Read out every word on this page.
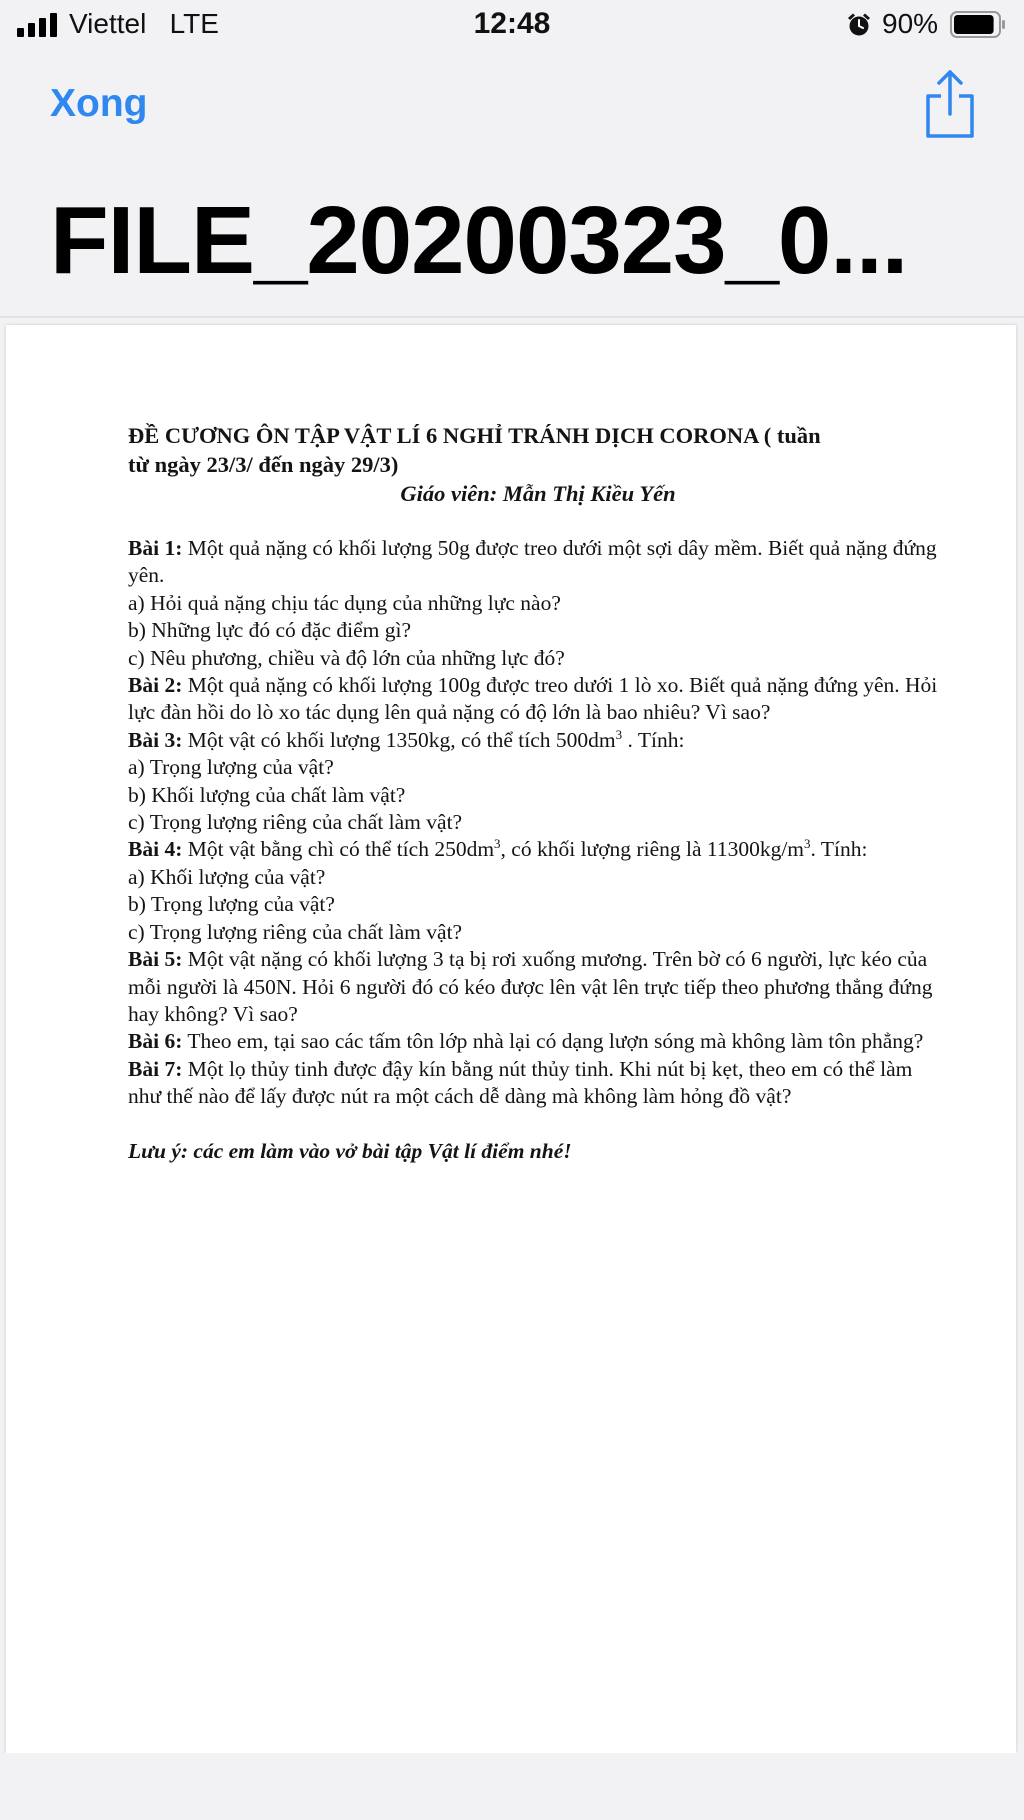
Viettel LTE	12:48	90%
Xong
FILE_20200323_0...

ĐỀ CƯƠNG ÔN TẬP VẬT LÍ 6 NGHỈ TRÁNH DỊCH CORONA ( tuần
từ ngày 23/3/ đến ngày 29/3)

Giáo viên: Mẫn Thị Kiều Yến

Bài 1: Một quả nặng có khối lượng 50g được treo dưới một sợi dây mềm. Biết quả nặng đứng yên.

a) Hỏi quả nặng chịu tác dụng của những lực nào?

b) Những lực đó có đặc điểm gì?

c) Nêu phương, chiều và độ lớn của những lực đó?

Bài 2: Một quả nặng có khối lượng 100g được treo dưới 1 lò xo. Biết quả nặng đứng yên. Hỏi lực đàn hồi do lò xo tác dụng lên quả nặng có độ lớn là bao nhiêu? Vì sao?

Bài 3: Một vật có khối lượng 1350kg, có thể tích $500dm^3$ . Tính:

a) Trọng lượng của vật?

b) Khối lượng của chất làm vật?

c) Trọng lượng riêng của chất làm vật?

Bài 4: Một vật bằng chì có thể tích $250dm^3$, có khối lượng riêng là $11300kg/m^3$. Tính:

a) Khối lượng của vật?

b) Trọng lượng của vật?

c) Trọng lượng riêng của chất làm vật?

Bài 5: Một vật nặng có khối lượng 3 tạ bị rơi xuống mương. Trên bờ có 6 người, lực kéo của mỗi người là 450N. Hỏi 6 người đó có kéo được lên vật lên trực tiếp theo phương thẳng đứng hay không? Vì sao?

Bài 6: Theo em, tại sao các tấm tôn lớp nhà lại có dạng lượn sóng mà không làm tôn phẳng?

Bài 7: Một lọ thủy tinh được đậy kín bằng nút thủy tinh. Khi nút bị kẹt, theo em có thể làm như thế nào để lấy được nút ra một cách dễ dàng mà không làm hỏng đồ vật?

Lưu ý: các em làm vào vở bài tập Vật lí điểm nhé!
